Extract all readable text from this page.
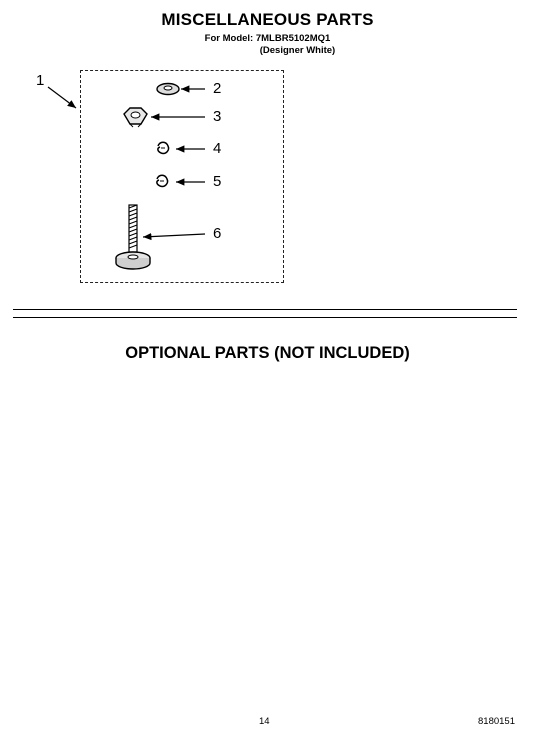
MISCELLANEOUS PARTS
For Model: 7MLBR5102MQ1
(Designer White)
1	2
3
4
5
6
OPTIONAL PARTS (NOT INCLUDED)
14	8180151
